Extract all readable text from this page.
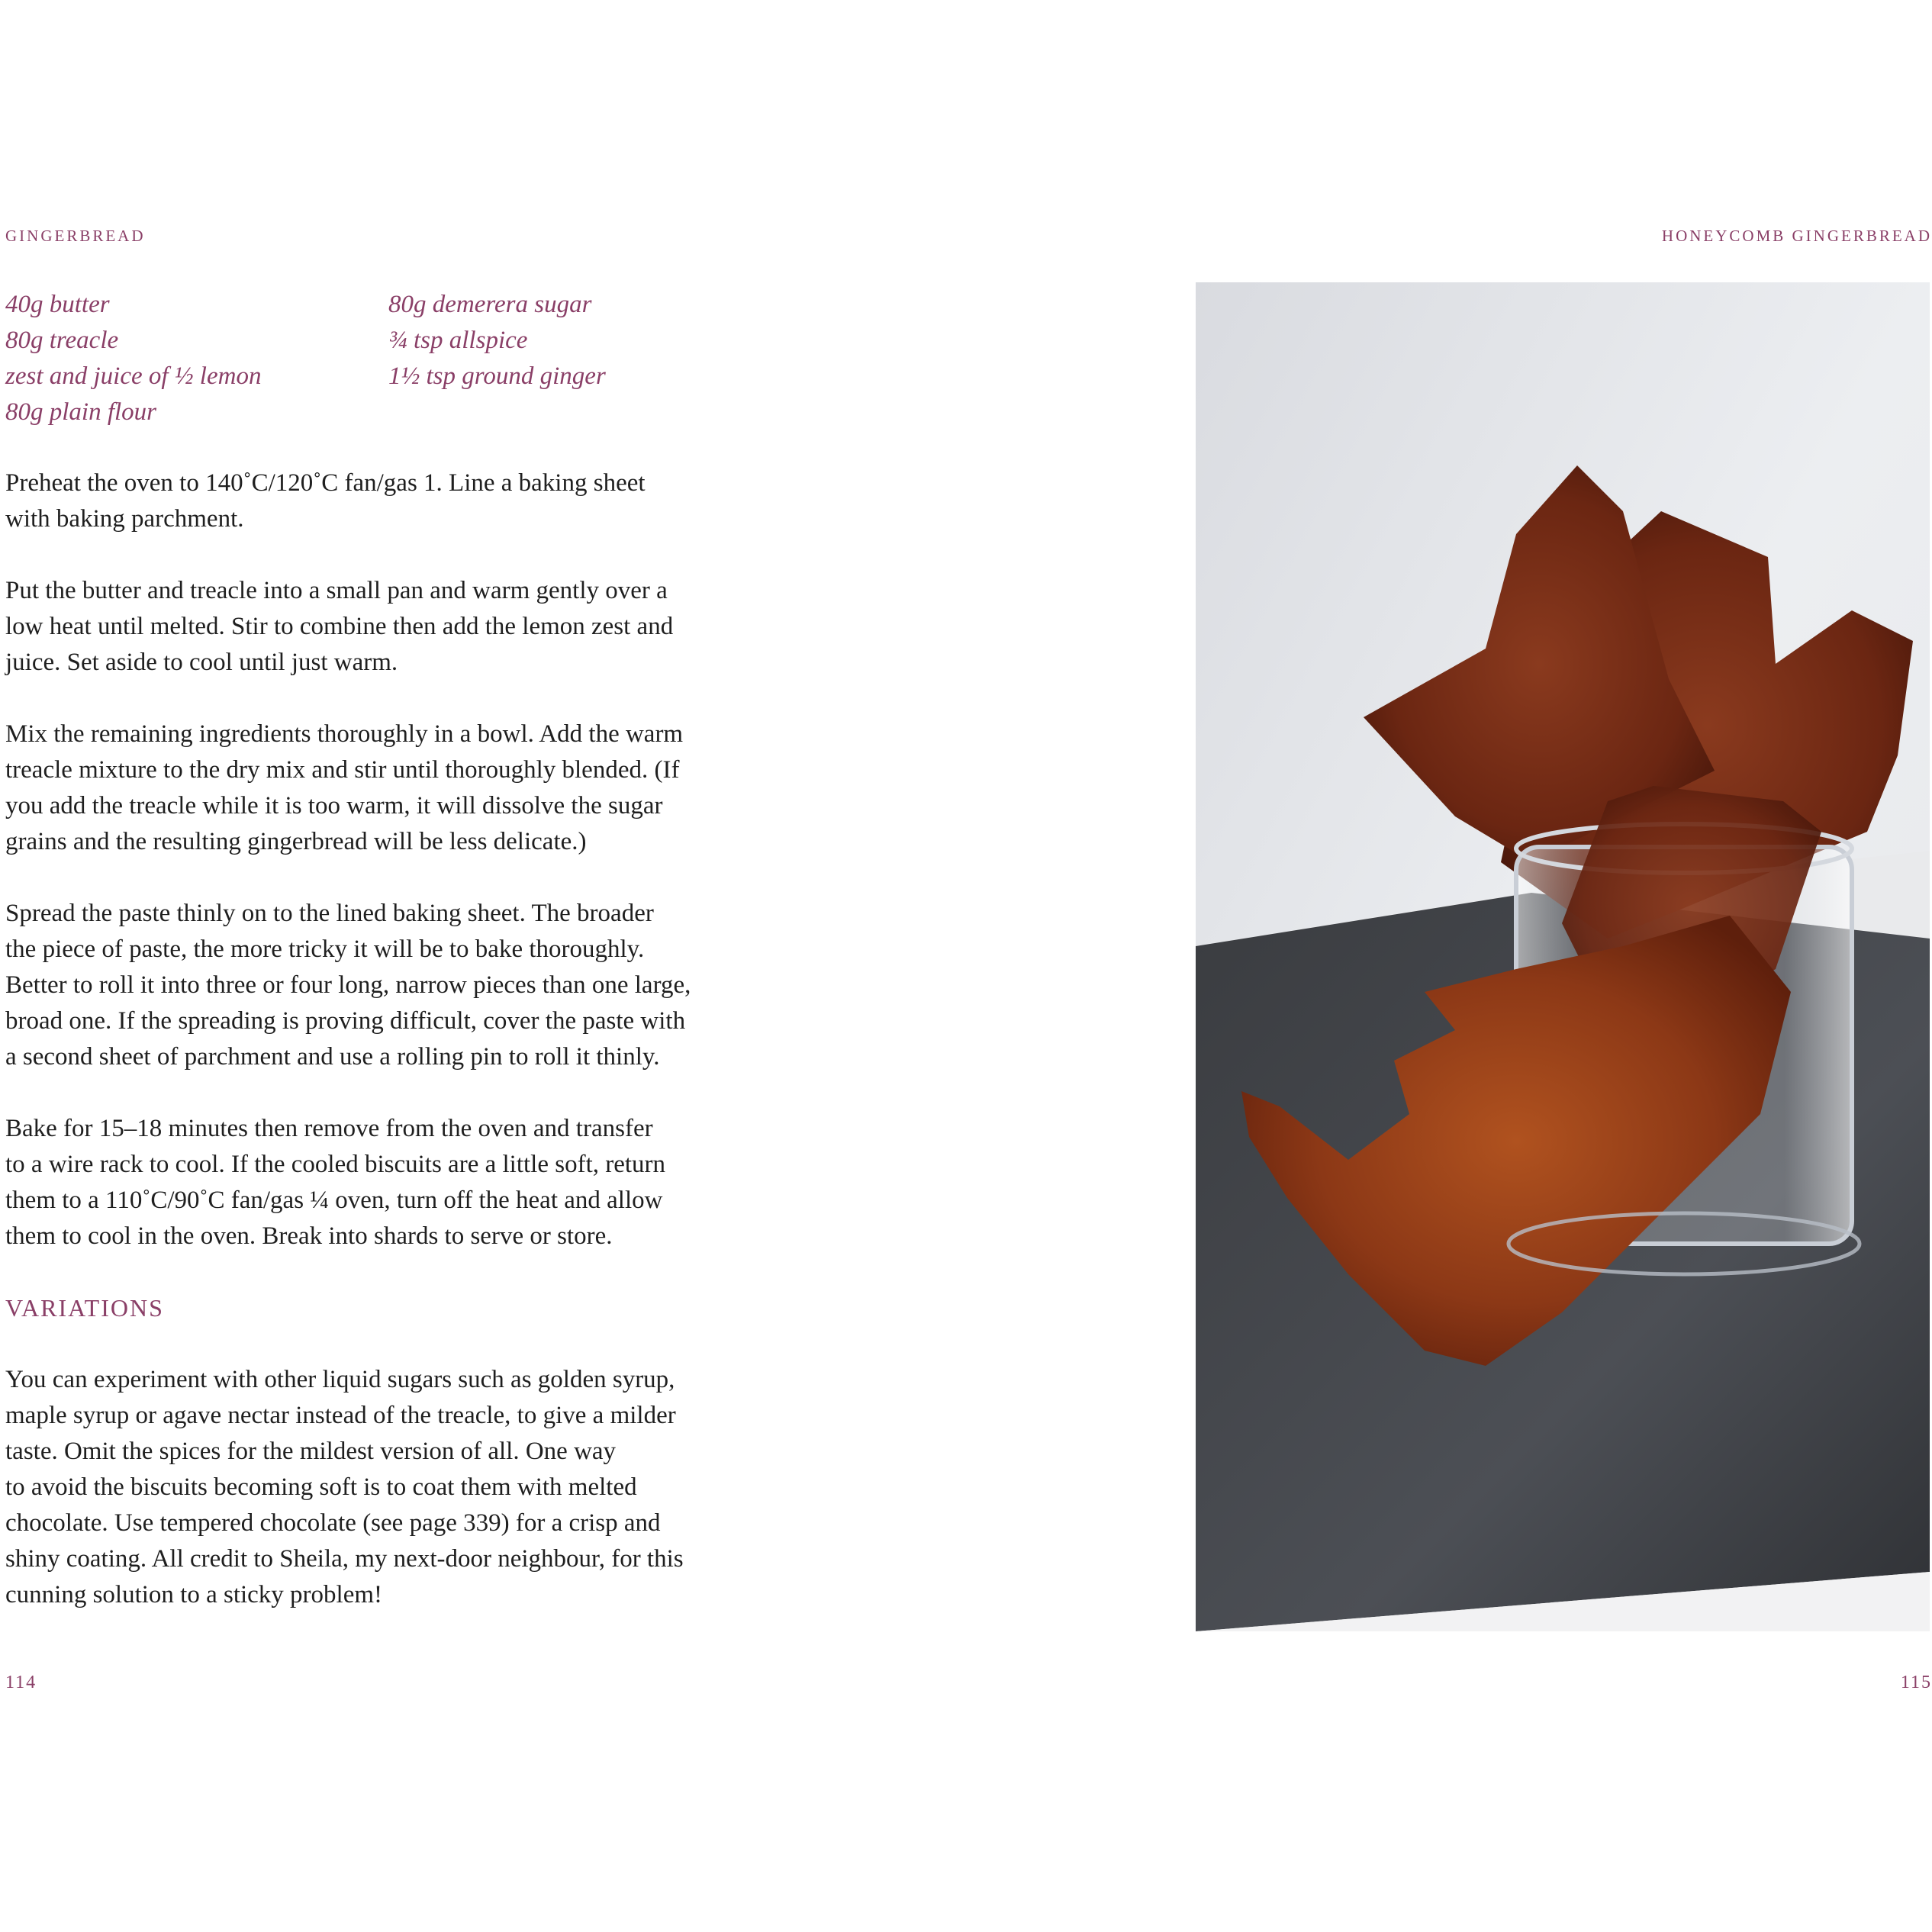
GINGERBREAD	HONEYCOMB GINGERBREAD
40g butter
80g treacle
zest and juice of ½ lemon
80g plain flour
80g demerera sugar
¾ tsp allspice
1½ tsp ground ginger

Preheat the oven to 140˚C/120˚C fan/gas 1. Line a baking sheet
with baking parchment.

Put the butter and treacle into a small pan and warm gently over a
low heat until melted. Stir to combine then add the lemon zest and
juice. Set aside to cool until just warm.

Mix the remaining ingredients thoroughly in a bowl. Add the warm
treacle mixture to the dry mix and stir until thoroughly blended. (If
you add the treacle while it is too warm, it will dissolve the sugar
grains and the resulting gingerbread will be less delicate.)

Spread the paste thinly on to the lined baking sheet. The broader
the piece of paste, the more tricky it will be to bake thoroughly.
Better to roll it into three or four long, narrow pieces than one large,
broad one. If the spreading is proving difficult, cover the paste with
a second sheet of parchment and use a rolling pin to roll it thinly.

Bake for 15–18 minutes then remove from the oven and transfer
to a wire rack to cool. If the cooled biscuits are a little soft, return
them to a 110˚C/90˚C fan/gas ¼ oven, turn off the heat and allow
them to cool in the oven. Break into shards to serve or store.

VARIATIONS

You can experiment with other liquid sugars such as golden syrup,
maple syrup or agave nectar instead of the treacle, to give a milder
taste. Omit the spices for the mildest version of all. One way
to avoid the biscuits becoming soft is to coat them with melted
chocolate. Use tempered chocolate (see page 339) for a crisp and
shiny coating. All credit to Sheila, my next-door neighbour, for this
cunning solution to a sticky problem!

114	115
